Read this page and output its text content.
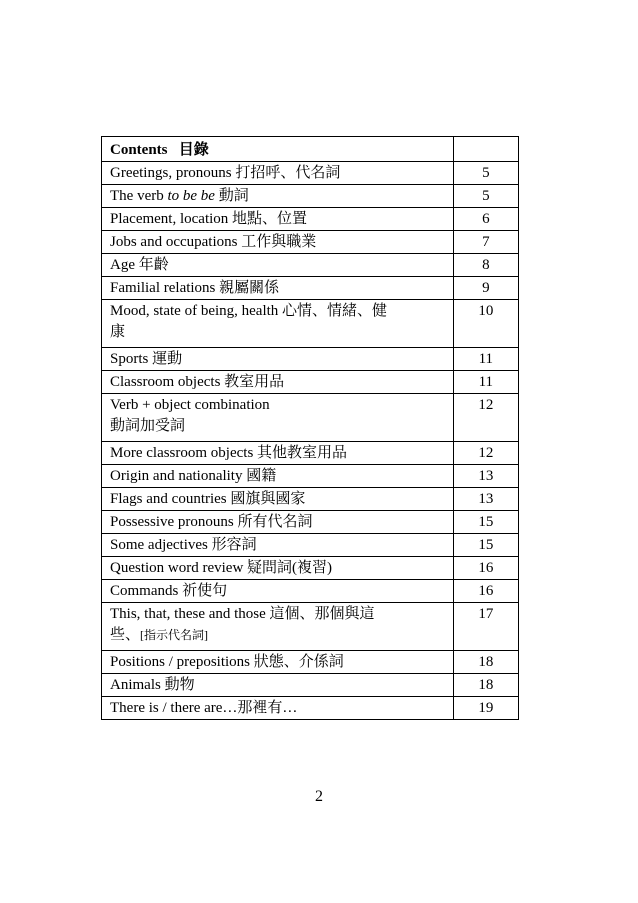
Contents 目錄	
Greetings, pronouns 打招呼、代名詞	5
The verb to be be 動詞	5
Placement, location 地點、位置	6
Jobs and occupations 工作與職業	7
Age 年齡	8
Familial relations 親屬關係	9
Mood, state of being, health 心情、情緒、健
康	10
Sports 運動	11
Classroom objects 教室用品	11
Verb + object combination
動詞加受詞	12
More classroom objects 其他教室用品	12
Origin and nationality 國籍	13
Flags and countries 國旗與國家	13
Possessive pronouns 所有代名詞	15
Some adjectives 形容詞	15
Question word review 疑問詞(複習)	16
Commands 祈使句	16
This, that, these and those 這個、那個與這
些、[指示代名詞]	17
Positions / prepositions 狀態、介係詞	18
Animals 動物	18
There is / there are…那裡有…	19
2
